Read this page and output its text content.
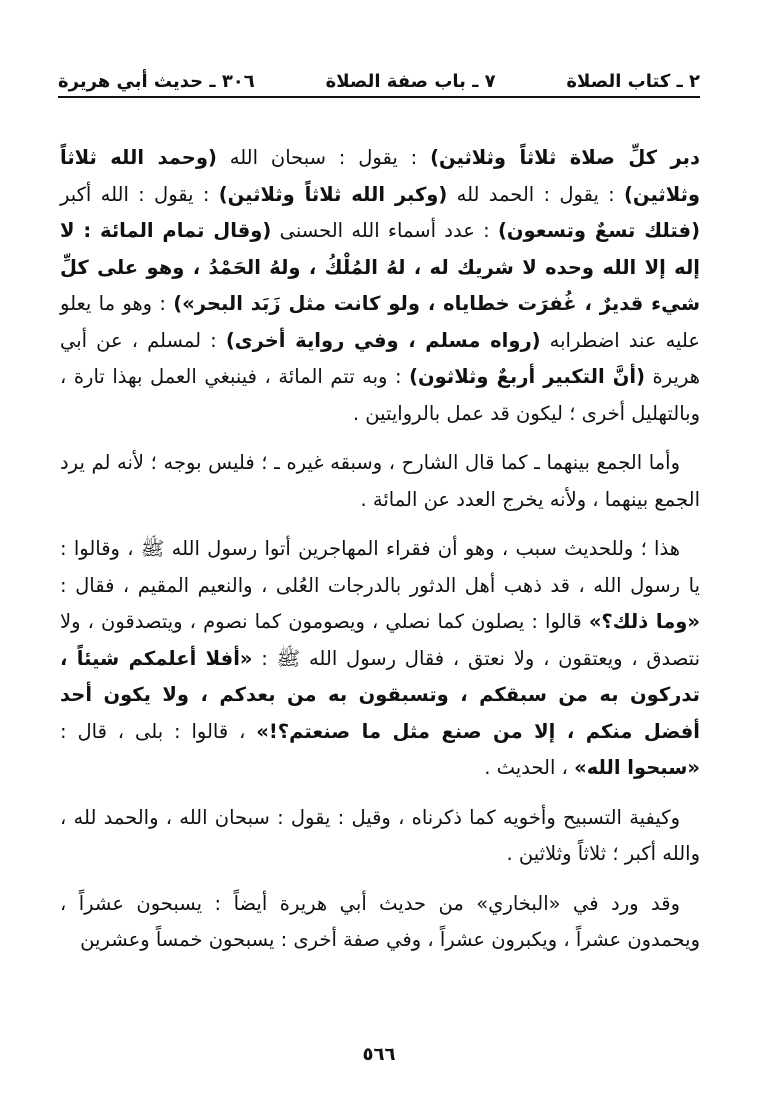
٢ ـ كتاب الصلاة
٧ ـ باب صفة الصلاة
٣٠٦ ـ حديث أبي هريرة

دبر كلِّ صلاة ثلاثاً وثلاثين) : يقول : سبحان الله (وحمد الله ثلاثاً وثلاثين) : يقول : الحمد لله (وكبر الله ثلاثاً وثلاثين) : يقول : الله أكبر (فتلك تسعٌ وتسعون) : عدد أسماء الله الحسنى (وقال تمام المائة : لا إله إلا الله وحده لا شريك له ، لهُ المُلْكُ ، ولهُ الحَمْدُ ، وهو على كلِّ شيء قديرٌ ، غُفرَت خطاياه ، ولو كانت مثل زَبَد البحر») : وهو ما يعلو عليه عند اضطرابه (رواه مسلم ، وفي رواية أخرى) : لمسلم ، عن أبي هريرة (أنَّ التكبير أربعٌ وثلاثون) : وبه تتم المائة ، فينبغي العمل بهذا تارة ، وبالتهليل أخرى ؛ ليكون قد عمل بالروايتين .

وأما الجمع بينهما ـ كما قال الشارح ، وسبقه غيره ـ ؛ فليس بوجه ؛ لأنه لم يرد الجمع بينهما ، ولأنه يخرج العدد عن المائة .

هذا ؛ وللحديث سبب ، وهو أن فقراء المهاجرين أتوا رسول الله ﷺ ، وقالوا : يا رسول الله ، قد ذهب أهل الدثور بالدرجات العُلى ، والنعيم المقيم ، فقال : «وما ذلك؟» قالوا : يصلون كما نصلي ، ويصومون كما نصوم ، ويتصدقون ، ولا نتصدق ، ويعتقون ، ولا نعتق ، فقال رسول الله ﷺ : «أفلا أعلمكم شيئاً ، تدركون به من سبقكم ، وتسبقون به من بعدكم ، ولا يكون أحد أفضل منكم ، إلا من صنع مثل ما صنعتم؟!» ، قالوا : بلى ، قال : «سبحوا الله» ، الحديث .

وكيفية التسبيح وأخويه كما ذكرناه ، وقيل : يقول : سبحان الله ، والحمد لله ، والله أكبر ؛ ثلاثاً وثلاثين .

وقد ورد في «البخاري» من حديث أبي هريرة أيضاً : يسبحون عشراً ، ويحمدون عشراً ، ويكبرون عشراً ، وفي صفة أخرى : يسبحون خمساً وعشرين

٥٦٦
